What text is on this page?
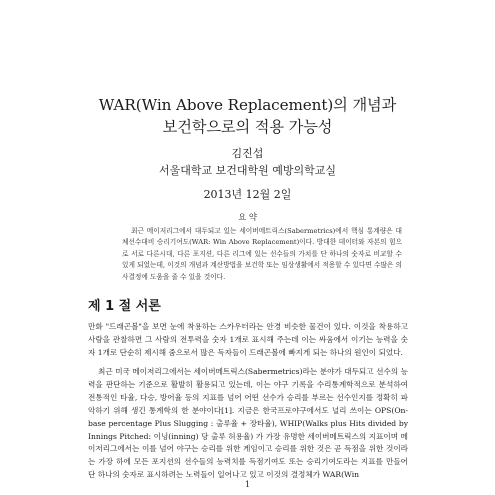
WAR(Win Above Replacement)의 개념과
보건학으로의 적용 가능성
김진섭
서울대학교 보건대학원 예방의학교실
2013년 12월 2일
요 약
최근 메이저리그에서 대두되고 있는 세이버메트릭스(Sabermetrics)에서 핵심 통계량은 대체선수대비 승리기여도(WAR: Win Above Replacement)이다. 방대한 데이터와 자본의 힘으로 서로 다른시대, 다른 포지션, 다른 리그에 있는 선수들의 가치를 단 하나의 숫자로 비교할 수 있게 되었는데, 이것의 개념과 계산방법을 보건학 또는 임상생활에서 적용할 수 있다면 수많은 의사결정에 도움을 줄 수 있을 것이다.
제 1 절 서론
만화 "드래곤볼"을 보면 눈에 착용하는 스카우터라는 안경 비슷한 물건이 있다. 이것을 착용하고 사람을 관찰하면 그 사람의 전투력을 숫자 1개로 표시해 주는데 이는 싸움에서 이기는 능력을 숫자 1개로 단순히 제시해 줌으로서 많은 독자들이 드래곤볼에 빠지게 되는 하나의 원인이 되었다.
최근 미국 메이저리그에서는 세이버메트릭스(Sabermetrics)라는 분야가 대두되고 선수의 능력을 판단하는 기준으로 활발히 활용되고 있는데, 이는 야구 기록을 수리통계학적으로 분석하여 전통적인 타율, 다승, 방어율 등의 지표를 넘어 어떤 선수가 승리를 부르는 선수인지를 정확히 파악하기 위해 생긴 통계학의 한 분야이다[1]. 지금은 한국프로야구에서도 널리 쓰이는 OPS(On-base percentage Plus Slugging : 출루율 + 장타율), WHIP(Walks plus Hits divided by Innings Pitched: 이닝(inning) 당 출루 허용율) 가 가장 유명한 세이버메트릭스의 지표이며 메이저리그에서는 이를 넘어 야구는 승리를 위한 게임이고 승리를 위한 것은 곧 득점을 위한 것이라는 가장 하에 모든 포지션의 선수들의 능력치를 득점기여도 또는 승리기여도라는 지표를 만들어 단 하나의 숫자로 표시하려는 노력들이 일어나고 있고 이것의 결정체가 WAR(Win
1
